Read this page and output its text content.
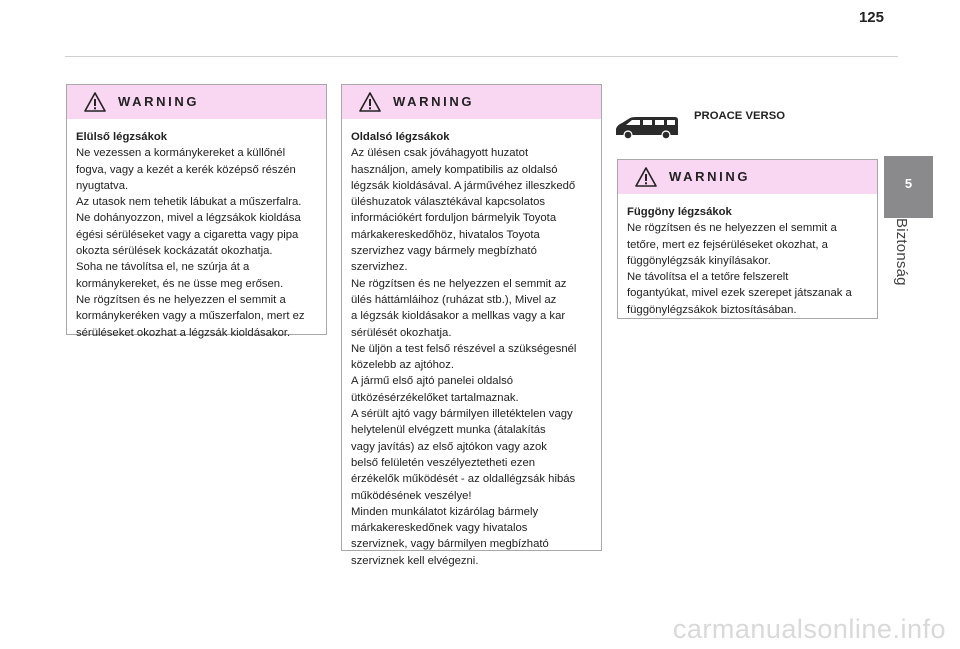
125
5
Biztonság
WARNING

Elülső légzsákok

Ne vezessen a kormánykereket a küllőnél

fogva, vagy a kezét a kerék középső részén

nyugtatva.

Az utasok nem tehetik lábukat a műszerfalra.

Ne dohányozzon, mivel a légzsákok kioldása

égési sérüléseket vagy a cigaretta vagy pipa

okozta sérülések kockázatát okozhatja.

Soha ne távolítsa el, ne szúrja át a

kormánykereket, és ne üsse meg erősen.

Ne rögzítsen és ne helyezzen el semmit a

kormánykeréken vagy a műszerfalon, mert ez

sérüléseket okozhat a légzsák kioldásakor.

WARNING

Oldalsó légzsákok

Az ülésen csak jóváhagyott huzatot

használjon, amely kompatibilis az oldalsó

légzsák kioldásával. A járművéhez illeszkedő

üléshuzatok választékával kapcsolatos

információkért forduljon bármelyik Toyota

márkakereskedőhöz, hivatalos Toyota

szervizhez vagy bármely megbízható

szervizhez.

Ne rögzítsen és ne helyezzen el semmit az

ülés háttámláihoz (ruházat stb.), Mivel az

a légzsák kioldásakor a mellkas vagy a kar

sérülését okozhatja.

Ne üljön a test felső részével a szükségesnél

közelebb az ajtóhoz.

A jármű első ajtó panelei oldalsó

ütközésérzékelőket tartalmaznak.

A sérült ajtó vagy bármilyen illetéktelen vagy

helytelenül elvégzett munka (átalakítás

vagy javítás) az első ajtókon vagy azok

belső felületén veszélyeztetheti ezen

érzékelők működését - az oldallégzsák hibás

működésének veszélye!

Minden munkálatot kizárólag bármely

márkakereskedőnek vagy hivatalos

szerviznek, vagy bármilyen megbízható

szerviznek kell elvégezni.

PROACE VERSO
WARNING

Függöny légzsákok

Ne rögzítsen és ne helyezzen el semmit a

tetőre, mert ez fejsérüléseket okozhat, a

függönylégzsák kinyílásakor.

Ne távolítsa el a tetőre felszerelt

fogantyúkat, mivel ezek szerepet játszanak a

függönylégzsákok biztosításában.

carmanualsonline.info
